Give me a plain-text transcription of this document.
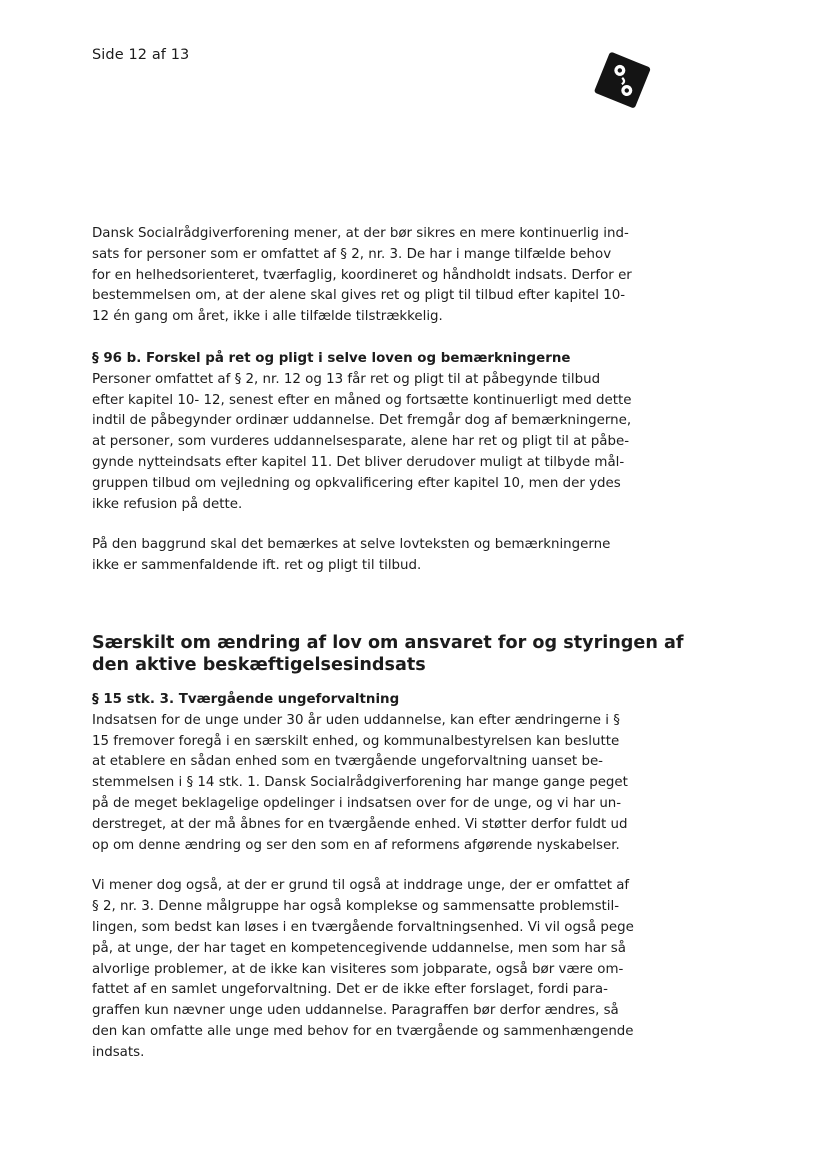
Side 12 af 13
Dansk Socialrådgiverforening mener, at der bør sikres en mere kontinuerlig ind-
sats for personer som er omfattet af § 2, nr. 3. De har i mange tilfælde behov
for en helhedsorienteret, tværfaglig, koordineret og håndholdt indsats. Derfor er
bestemmelsen om, at der alene skal gives ret og pligt til tilbud efter kapitel 10-
12 én gang om året, ikke i alle tilfælde tilstrækkelig.
§ 96 b. Forskel på ret og pligt i selve loven og bemærkningerne
Personer omfattet af § 2, nr. 12 og 13 får ret og pligt til at påbegynde tilbud
efter kapitel 10- 12, senest efter en måned og fortsætte kontinuerligt med dette
indtil de påbegynder ordinær uddannelse. Det fremgår dog af bemærkningerne,
at personer, som vurderes uddannelsesparate, alene har ret og pligt til at påbe-
gynde nytteindsats efter kapitel 11. Det bliver derudover muligt at tilbyde mål-
gruppen tilbud om vejledning og opkvalificering efter kapitel 10, men der ydes
ikke refusion på dette.
På den baggrund skal det bemærkes at selve lovteksten og bemærkningerne
ikke er sammenfaldende ift. ret og pligt til tilbud.
Særskilt om ændring af lov om ansvaret for og styringen af
den aktive beskæftigelsesindsats
§ 15 stk. 3. Tværgående ungeforvaltning
Indsatsen for de unge under 30 år uden uddannelse, kan efter ændringerne i §
15 fremover foregå i en særskilt enhed, og kommunalbestyrelsen kan beslutte
at etablere en sådan enhed som en tværgående ungeforvaltning uanset be-
stemmelsen i § 14 stk. 1. Dansk Socialrådgiverforening har mange gange peget
på de meget beklagelige opdelinger i indsatsen over for de unge, og vi har un-
derstreget, at der må åbnes for en tværgående enhed. Vi støtter derfor fuldt ud
op om denne ændring og ser den som en af reformens afgørende nyskabelser.
Vi mener dog også, at der er grund til også at inddrage unge, der er omfattet af
§ 2, nr. 3. Denne målgruppe har også komplekse og sammensatte problemstil-
lingen, som bedst kan løses i en tværgående forvaltningsenhed. Vi vil også pege
på, at unge, der har taget en kompetencegivende uddannelse, men som har så
alvorlige problemer, at de ikke kan visiteres som jobparate, også bør være om-
fattet af en samlet ungeforvaltning. Det er de ikke efter forslaget, fordi para-
graffen kun nævner unge uden uddannelse. Paragraffen bør derfor ændres, så
den kan omfatte alle unge med behov for en tværgående og sammenhængende
indsats.
